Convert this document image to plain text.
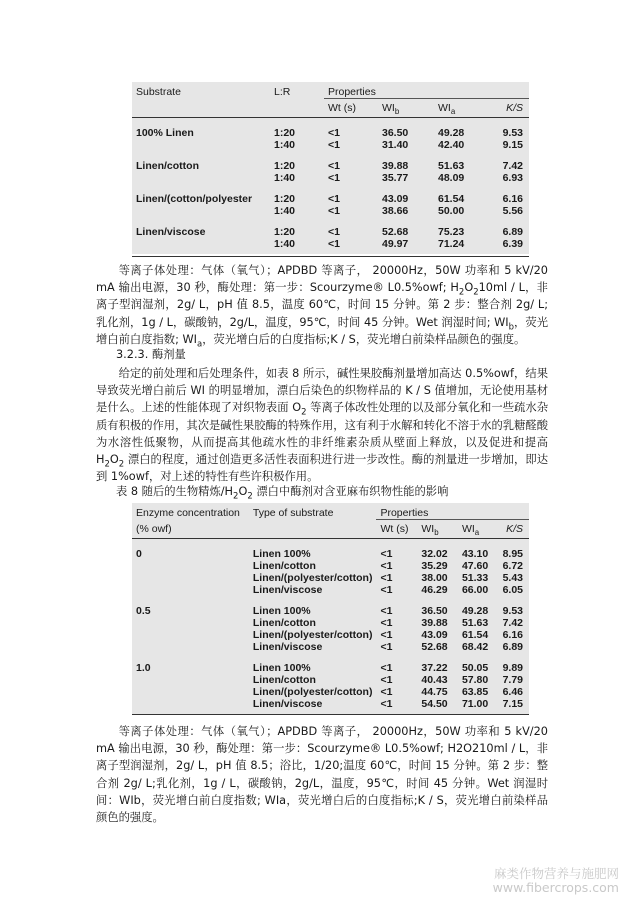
Substrate	L:R	Properties			
		Wt (s)	$WI_b$	$WI_a$	K/S

100% Linen	1:20	<1	36.50	49.28	9.53
	1:40	<1	31.40	42.40	9.15

Linen/cotton	1:20	<1	39.88	51.63	7.42
	1:40	<1	35.77	48.09	6.93

Linen/(cotton/polyester	1:20	<1	43.09	61.54	6.16
	1:40	<1	38.66	50.00	5.56

Linen/viscose	1:20	<1	52.68	75.23	6.89
	1:40	<1	49.97	71.24	6.39

等离子体处理：气体（氧气）；APDBD 等离子， 20000Hz，50W 功率和 5 kV/20 mA 输出电源，30 秒，酶处理：第一步：Scourzyme® L0.5%owf; $H_2O_210ml$ / L，非离子型润湿剂，2g/ L，pH 值 8.5，温度 60℃，时间 15 分钟。第 2 步：整合剂 2g/ L;乳化剂，1g / L，碳酸钠，2g/L，温度，95℃，时间 45 分钟。Wet 润湿时间; $WI_b$，荧光增白前白度指数; $WI_a$，荧光增白后的白度指标;K / S，荧光增白前染样品颜色的强度。

3.2.3. 酶剂量

给定的前处理和后处理条件，如表 8 所示，碱性果胶酶剂量增加高达 0.5%owf，结果导致荧光增白前后 WI 的明显增加，漂白后染色的织物样品的 K / S 值增加，无论使用基材是什么。上述的性能体现了对织物表面 $O_2$ 等离子体改性处理的以及部分氧化和一些疏水杂质有积极的作用，其次是碱性果胶酶的特殊作用，这有利于水解和转化不溶于水的乳糖醛酸为水溶性低聚物，从而提高其他疏水性的非纤维素杂质从壁面上释放，以及促进和提高 $H_2O_2$ 漂白的程度，通过创造更多活性表面积进行进一步改性。酶的剂量进一步增加，即达到 1%owf，对上述的特性有些许积极作用。

表 8 随后的生物精炼$/H_2O_2$ 漂白中酶剂对含亚麻布织物性能的影响
Enzyme concentration	Type of substrate	Properties			
(% owf)		Wt (s)	$WI_b$	$WI_a$	K/S

0	Linen 100%	<1	32.02	43.10	8.95
	Linen/cotton	<1	35.29	47.60	6.72
	Linen/(polyester/cotton)	<1	38.00	51.33	5.43
	Linen/viscose	<1	46.29	66.00	6.05

0.5	Linen 100%	<1	36.50	49.28	9.53
	Linen/cotton	<1	39.88	51.63	7.42
	Linen/(polyester/cotton)	<1	43.09	61.54	6.16
	Linen/viscose	<1	52.68	68.42	6.89

1.0	Linen 100%	<1	37.22	50.05	9.89
	Linen/cotton	<1	40.43	57.80	7.79
	Linen/(polyester/cotton)	<1	44.75	63.85	6.46
	Linen/viscose	<1	54.50	71.00	7.15

等离子体处理：气体（氧气）；APDBD 等离子， 20000Hz，50W 功率和 5 kV/20 mA 输出电源，30 秒，酶处理：第一步：Scourzyme® L0.5%owf; H2O210ml / L，非离子型润湿剂，2g/ L，pH 值 8.5；浴比，1/20;温度 60℃，时间 15 分钟。第 2 步：整合剂 2g/ L;乳化剂，1g / L，碳酸钠，2g/L，温度，95℃，时间 45 分钟。Wet 润湿时间：WIb，荧光增白前白度指数; WIa，荧光增白后的白度指标;K / S，荧光增白前染样品颜色的强度。

麻类作物营养与施肥网
www.fibercrops.com
